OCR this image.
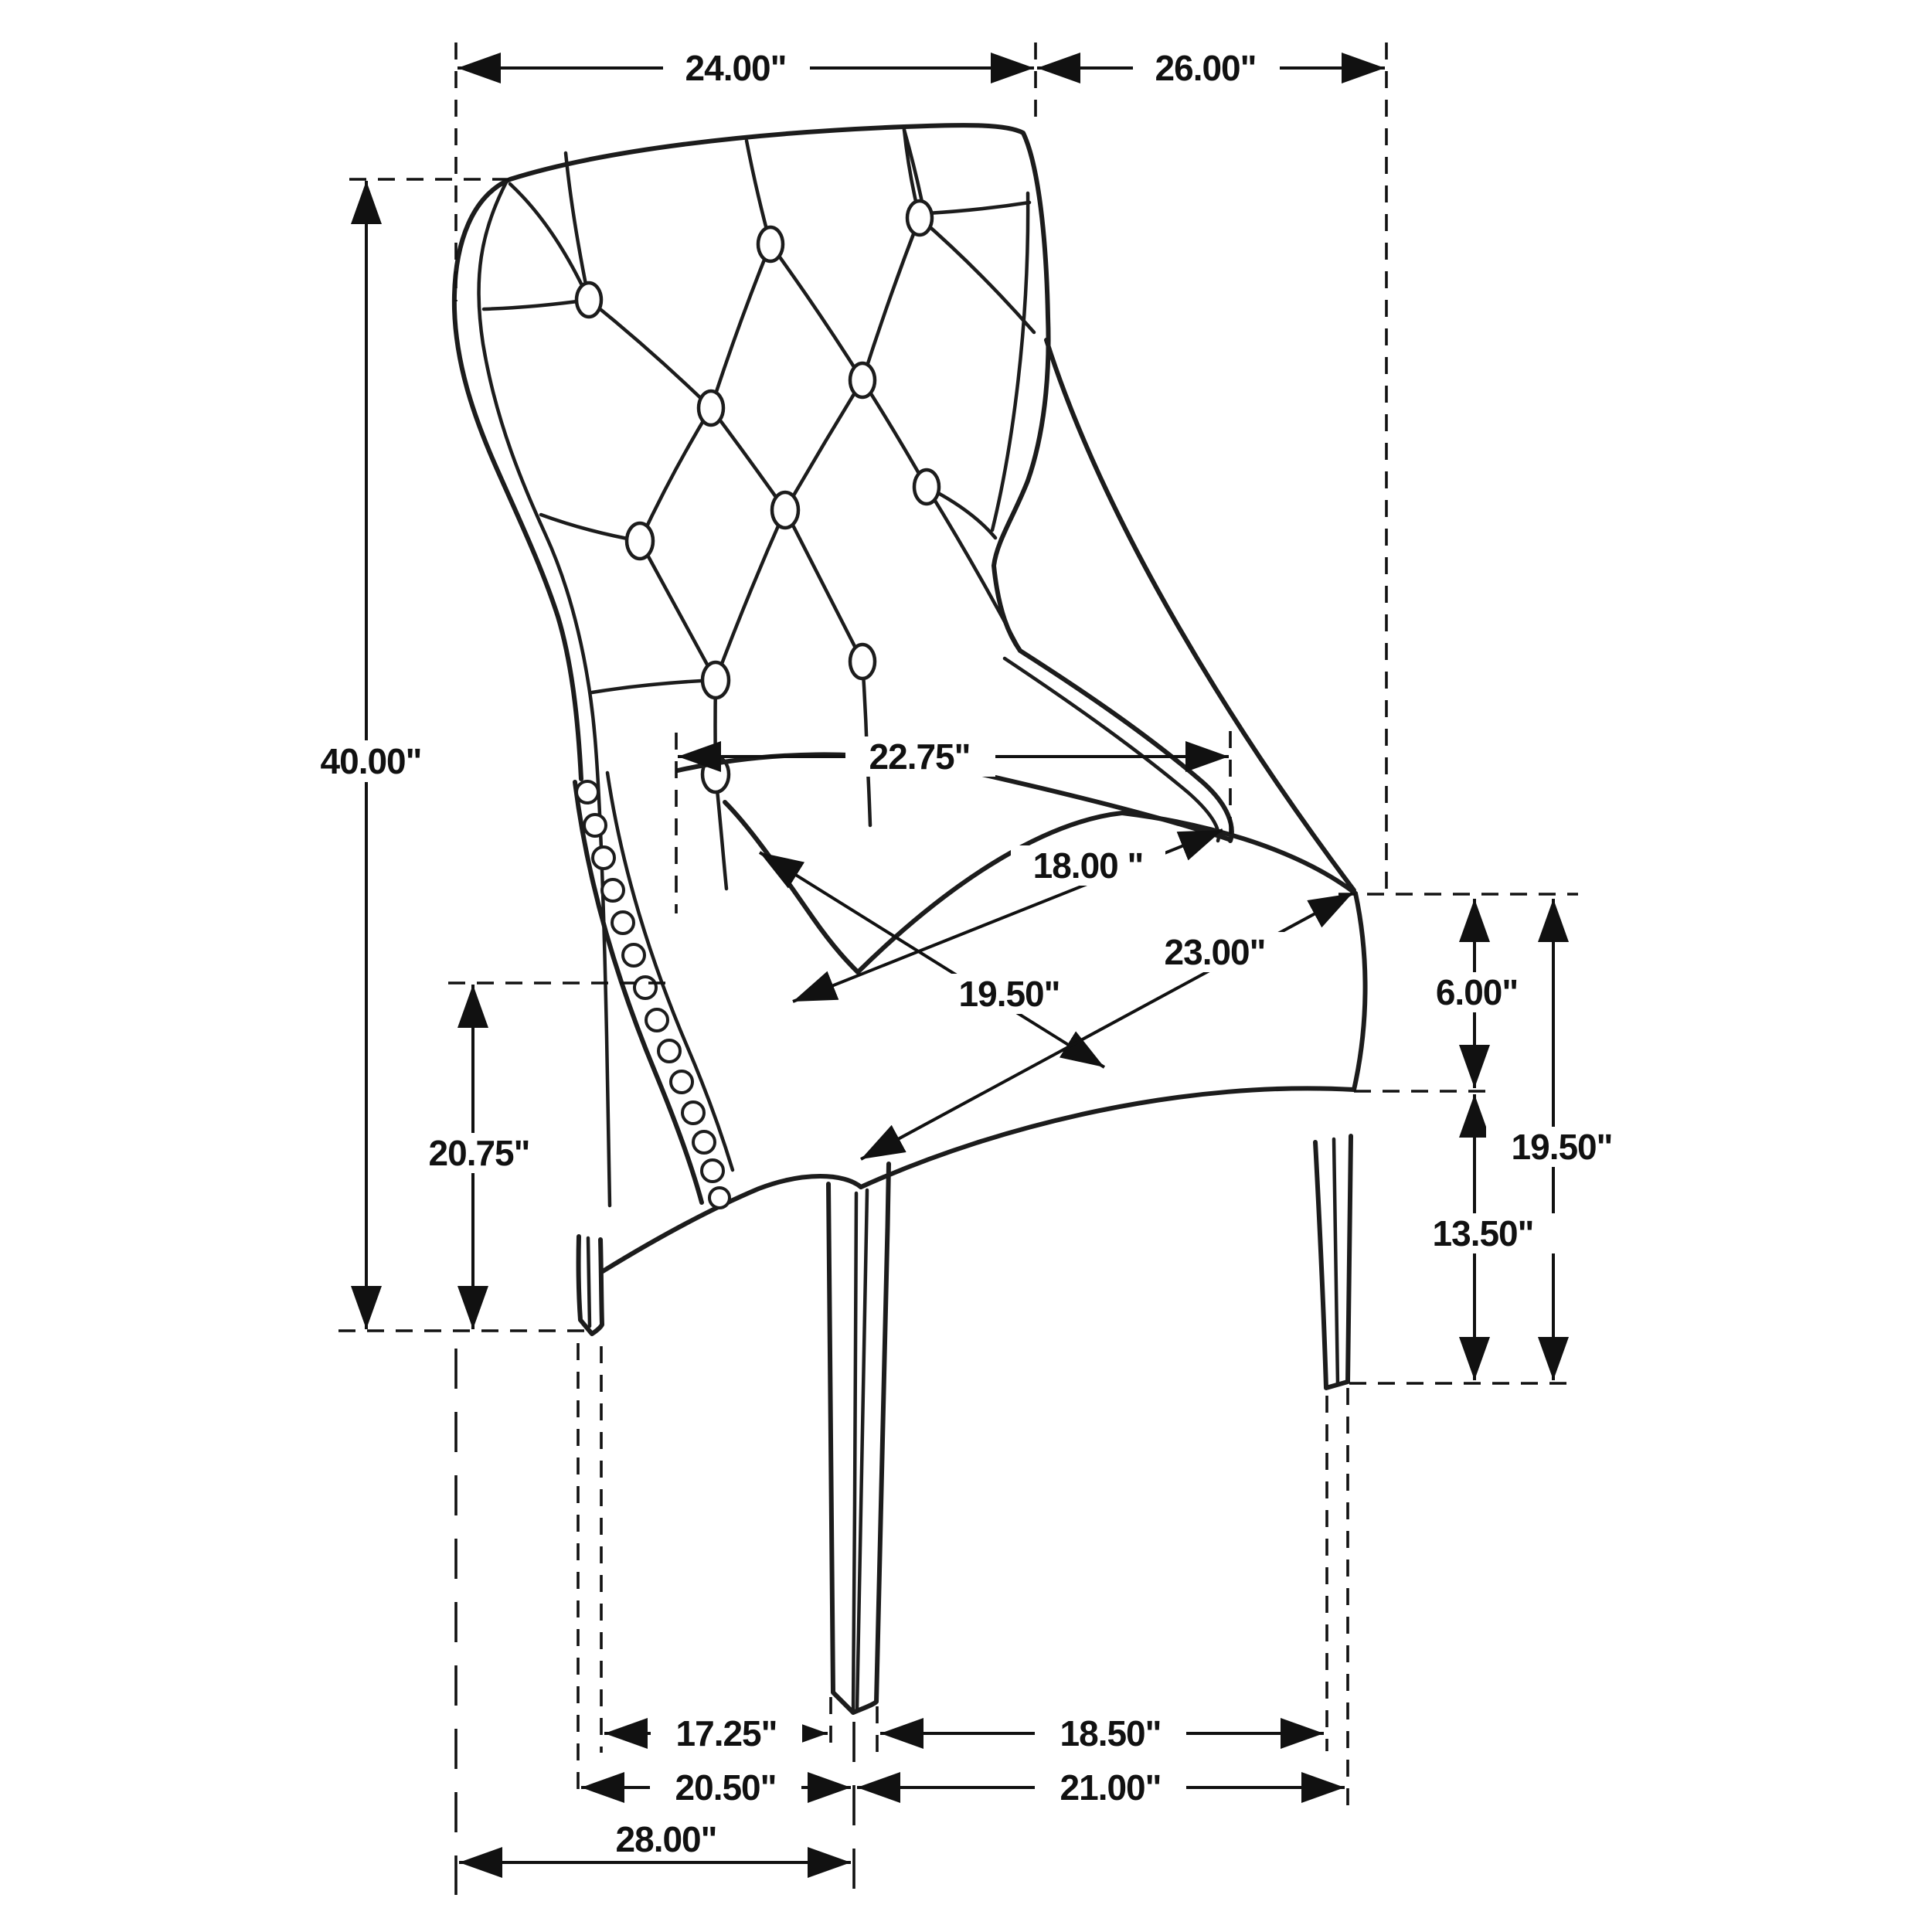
24.00"	26.00"
40.00"	22.75"
18.00 "
19.50"
23.00"
6.00"
19.50"
13.50"
20.75"
17.25"	18.50"
20.50"	21.00"
28.00"
